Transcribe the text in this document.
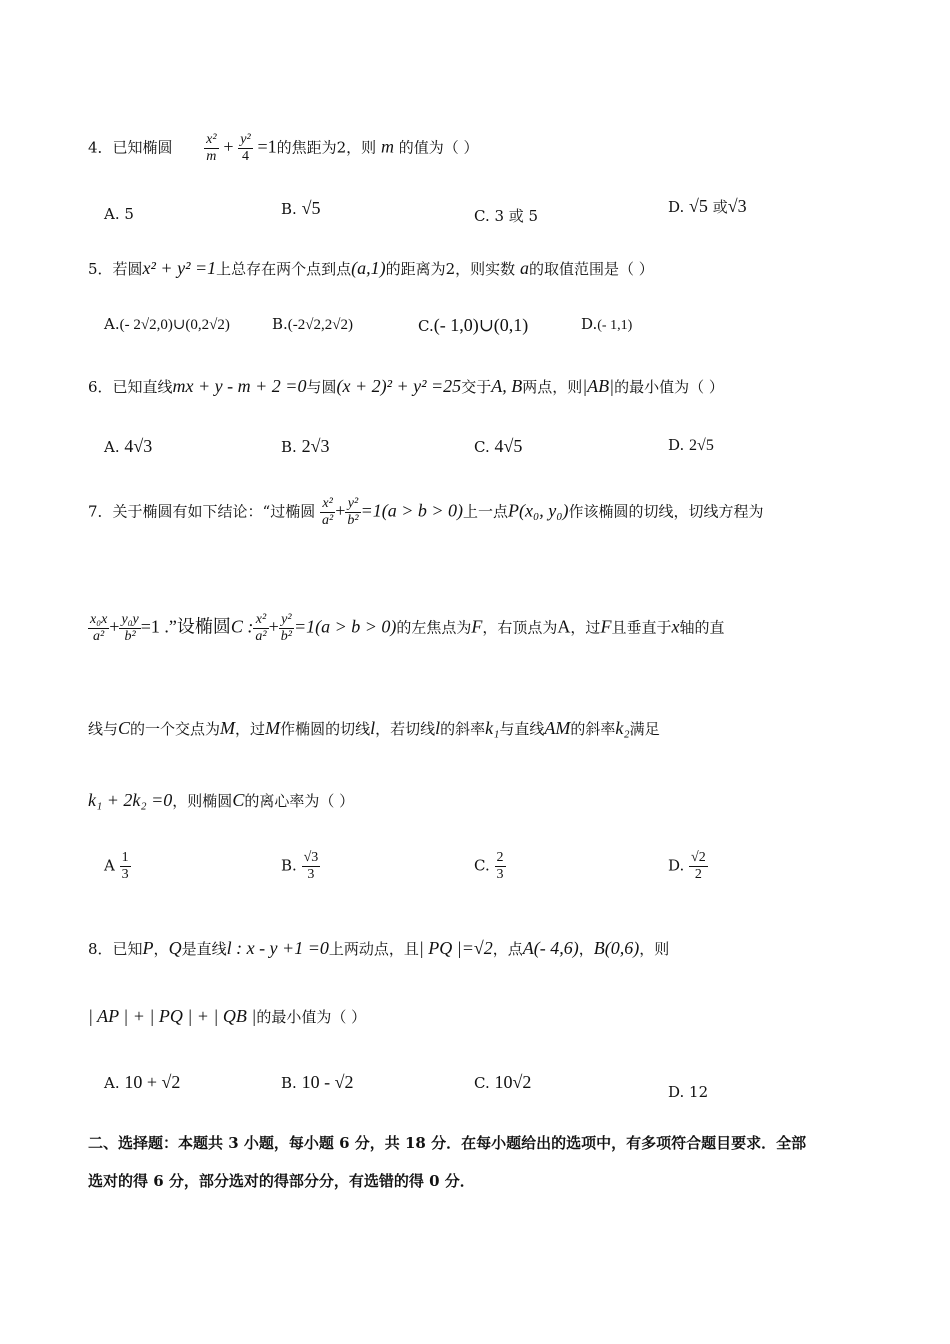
4．已知椭圆 $\frac{\text{x²}}{m} + \frac{\text{y²}}{4} =1$的焦距为2，则 m 的值为（ ）
A. 5	B. √5	C. 3 或 5	D. √5 或√3
5．若圆x² + y² =1上总存在两个点到点(a,1)的距离为2，则实数 a的取值范围是（ ）
A.(- 2√2,0)∪(0,2√2)	B.(-2√2,2√2)	C.(- 1,0)∪(0,1)	D.(- 1,1)
6．已知直线mx + y - m + 2 =0与圆(x + 2)² + y² =25交于A, B两点，则|AB|的最小值为（ ）
A. 4√3	B. 2√3	C. 4√5	D. 2√5
7．关于椭圆有如下结论：“过椭圆 $\frac{\text{x²}}{\text{a²}} + \frac{\text{y²}}{\text{b²}} =1(a > b > 0)$上一点P(x₀, y₀)作该椭圆的切线，切线方程为
$\frac{\text{x₀x}}{\text{a²}} + \frac{\text{y₀y}}{\text{b²}} =1$ .”设椭圆C : $\frac{\text{x²}}{\text{a²}} + \frac{\text{y²}}{\text{b²}} =1(a > b > 0)$的左焦点为F，右顶点为A，过F且垂直于x轴的直
线与C的一个交点为M，过M作椭圆的切线l，若切线l的斜率k₁与直线AM的斜率k₂满足
k₁ + 2k₂ =0，则椭圆C的离心率为（ ）
A $\frac{1}{3}$	B. $\frac{√3}{3}$	C. $\frac{2}{3}$	D. $\frac{√2}{2}$
8．已知P，Q是直线l : x - y +1 =0上两动点，且| PQ |=√2，点A(- 4,6)，B(0,6)，则
| AP | + | PQ | + | QB |的最小值为（ ）
A. 10 + √2	B. 10 - √2	C. 10√2	D. 12
二、选择题：本题共 3 小题，每小题 6 分，共 18 分．在每小题给出的选项中，有多项符合题目要求．全部
选对的得 6 分，部分选对的得部分分，有选错的得 0 分．
